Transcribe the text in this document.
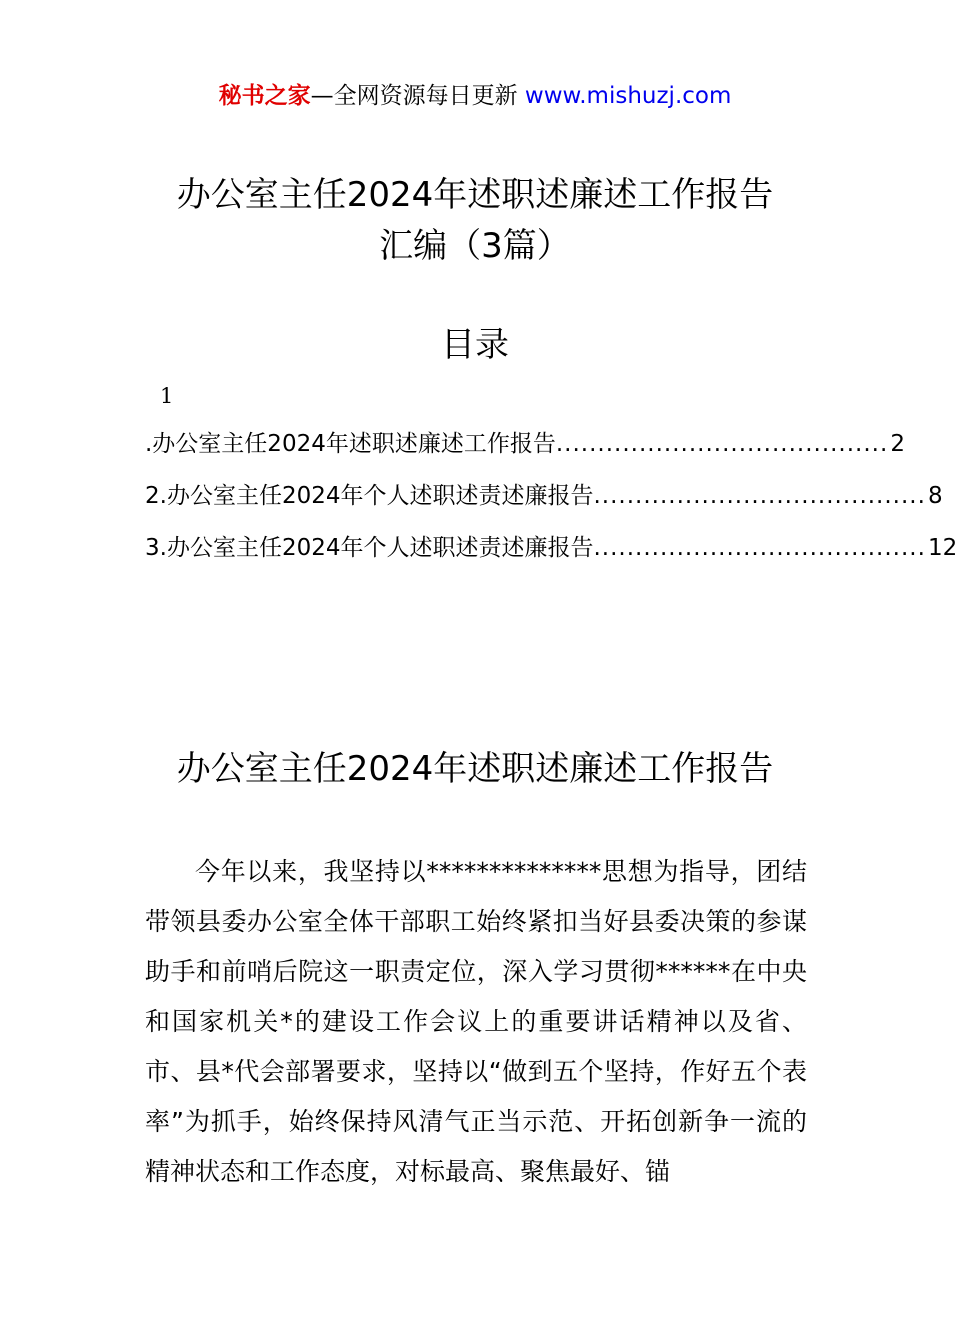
秘书之家—全网资源每日更新 www.mishuzj.com
办公室主任2024年述职述廉述工作报告
汇编（3篇）
目录
1
.办公室主任2024年述职述廉述工作报告 ........................................ 2
2.办公室主任2024年个人述职述责述廉报告 ........................................ 8
3.办公室主任2024年个人述职述责述廉报告 ........................................ 12
办公室主任2024年述职述廉述工作报告

今年以来，我坚持以**************思想为指导，团结带领县委办公室全体干部职工始终紧扣当好县委决策的参谋助手和前哨后院这一职责定位，深入学习贯彻******在中央和国家机关*的建设工作会议上的重要讲话精神以及省、市、县*代会部署要求，坚持以“做到五个坚持，作好五个表率”为抓手，始终保持风清气正当示范、开拓创新争一流的精神状态和工作态度，对标最高、聚焦最好、锚
